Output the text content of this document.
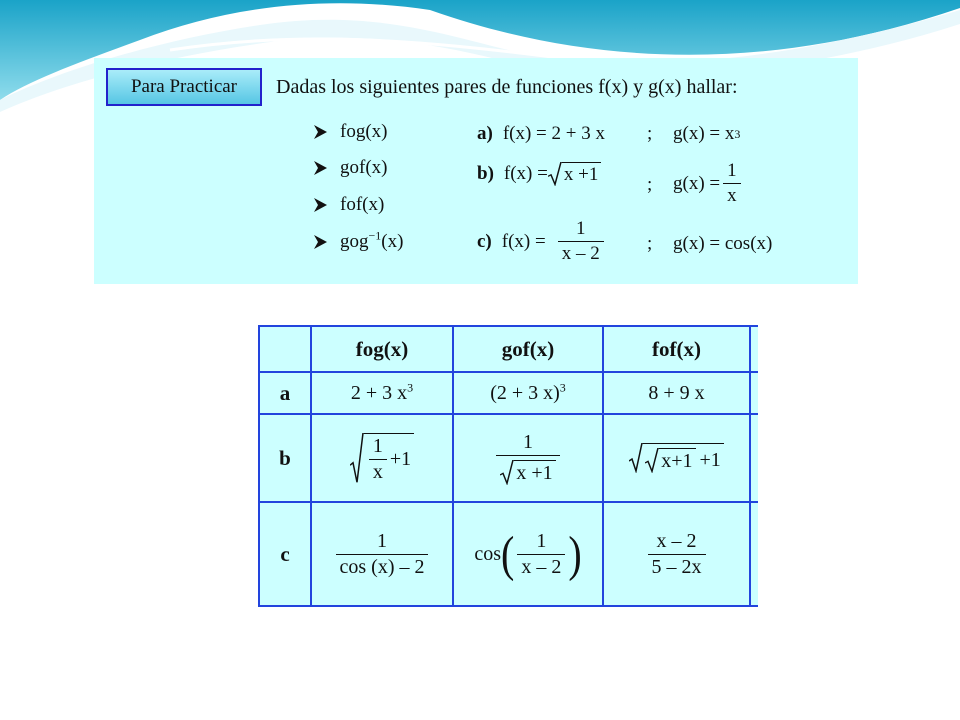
Para Practicar	Dadas los siguientes pares de funciones f(x) y g(x) hallar:
fog(x)
gof(x)
fof(x)
gog$^{-1}$(x)
a) f(x) = 2 + 3 x ; g(x) = x 3
b) f(x) = x +1	; $g(x) = \frac{1}{x}$
c) $f(x) = \frac{1}{x - 2}$ ; g(x) = cos(x)
	fog(x)	gof(x)	fof(x)	
a	2 + 3 $x^3$	(2 + 3 x)$^3$	8 + 9 x	
b	$\frac{1}{x} +1$	$\frac{1}{x +1}$	x+1 +1	

c	$\frac{1}{\cos (x) - 2}$	cos ( $\frac{1}{x - 2}$ )	$\frac{x - 2}{5 - 2x}$
